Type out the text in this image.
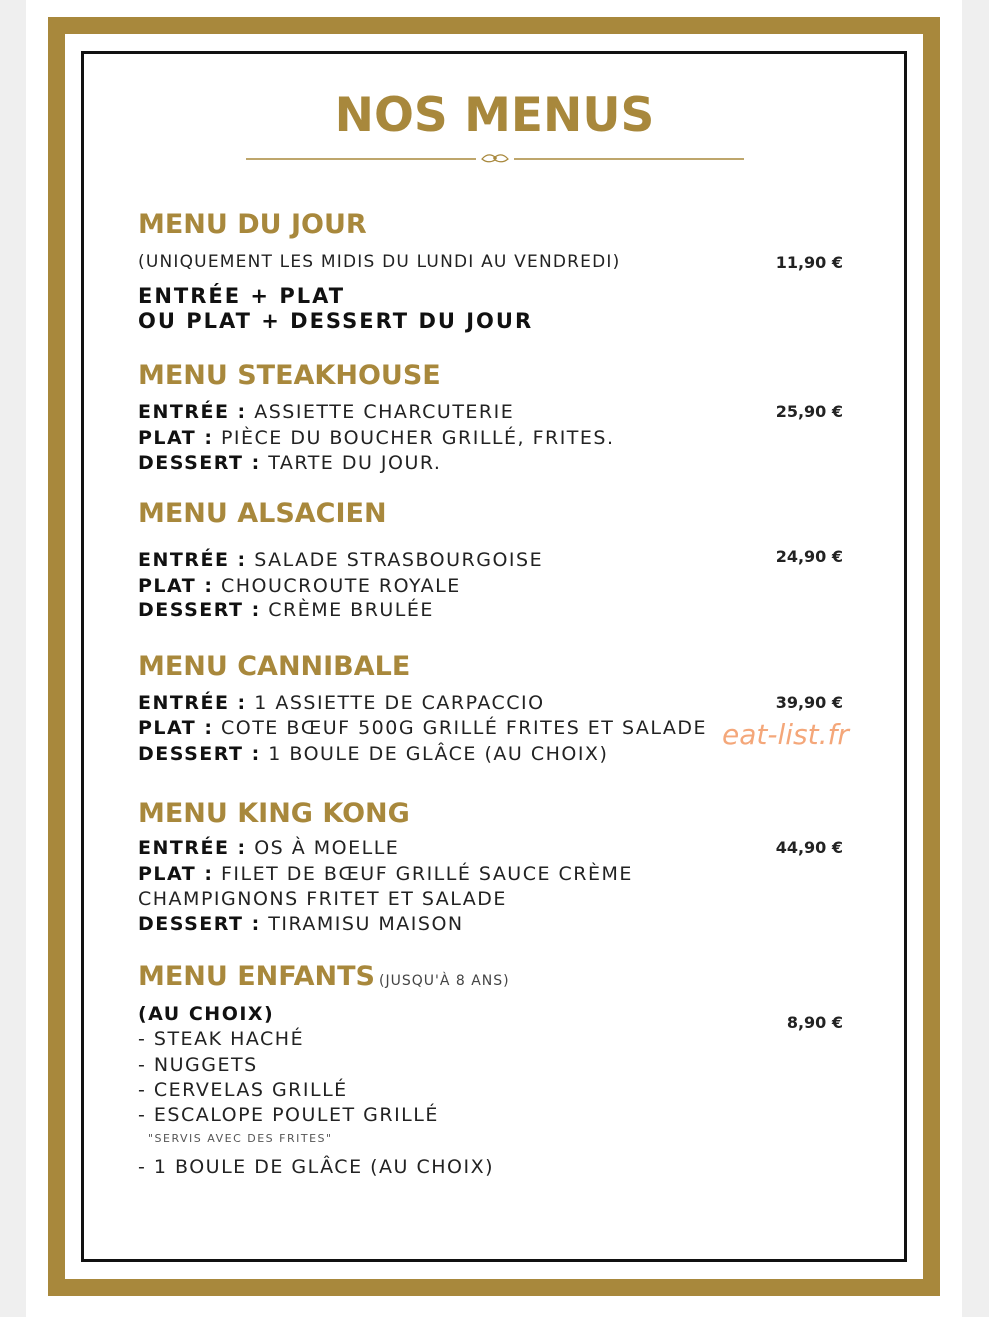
NOS MENUS
MENU DU JOUR
(UNIQUEMENT LES MIDIS DU LUNDI AU VENDREDI)	11,90 €
ENTRÉE + PLAT
OU PLAT + DESSERT DU JOUR
MENU STEAKHOUSE
25,90 €
ENTRÉE : ASSIETTE CHARCUTERIE
PLAT : PIÈCE DU BOUCHER GRILLÉ, FRITES.
DESSERT : TARTE DU JOUR.
MENU ALSACIEN
24,90 €
ENTRÉE : SALADE STRASBOURGOISE
PLAT : CHOUCROUTE ROYALE
DESSERT : CRÈME BRULÉE
MENU CANNIBALE
39,90 €
ENTRÉE : 1 ASSIETTE DE CARPACCIO
PLAT : COTE BŒUF 500G GRILLÉ FRITES ET SALADE
DESSERT : 1 BOULE DE GLÂCE (AU CHOIX)
eat-list.fr
MENU KING KONG
44,90 €
ENTRÉE : OS À MOELLE
PLAT : FILET DE BŒUF GRILLÉ SAUCE CRÈME
CHAMPIGNONS FRITET ET SALADE
DESSERT : TIRAMISU MAISON
MENU ENFANTS (JUSQU'À 8 ANS)
8,90 €
(AU CHOIX)
- STEAK HACHÉ
- NUGGETS
- CERVELAS GRILLÉ
- ESCALOPE POULET GRILLÉ
"SERVIS AVEC DES FRITES"
- 1 BOULE DE GLÂCE (AU CHOIX)
